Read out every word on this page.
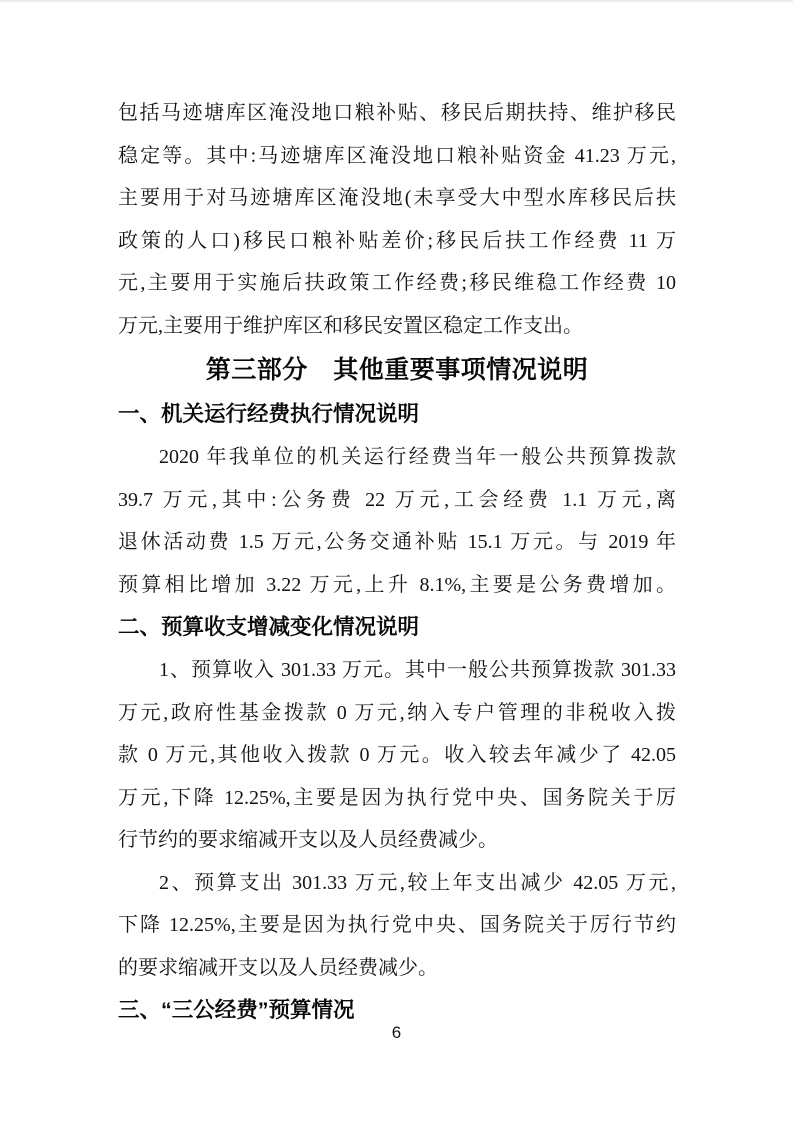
包括马迹塘库区淹没地口粮补贴、移民后期扶持、维护移民
稳定等。其中:马迹塘库区淹没地口粮补贴资金 41.23 万元,
主要用于对马迹塘库区淹没地(未享受大中型水库移民后扶
政策的人口)移民口粮补贴差价;移民后扶工作经费 11 万
元,主要用于实施后扶政策工作经费;移民维稳工作经费 10
万元,主要用于维护库区和移民安置区稳定工作支出。
第三部分　其他重要事项情况说明
一、机关运行经费执行情况说明
2020 年我单位的机关运行经费当年一般公共预算拨款
39.7 万元,其中:公务费 22 万元,工会经费 1.1 万元,离
退休活动费 1.5 万元,公务交通补贴 15.1 万元。与 2019 年
预算相比增加 3.22 万元,上升 8.1%,主要是公务费增加。
二、预算收支增减变化情况说明
1、预算收入 301.33 万元。其中一般公共预算拨款 301.33
万元,政府性基金拨款 0 万元,纳入专户管理的非税收入拨
款 0 万元,其他收入拨款 0 万元。收入较去年减少了 42.05
万元,下降 12.25%,主要是因为执行党中央、国务院关于厉
行节约的要求缩减开支以及人员经费减少。
2、预算支出 301.33 万元,较上年支出减少 42.05 万元,
下降 12.25%,主要是因为执行党中央、国务院关于厉行节约
的要求缩减开支以及人员经费减少。
三、“三公经费”预算情况
6
